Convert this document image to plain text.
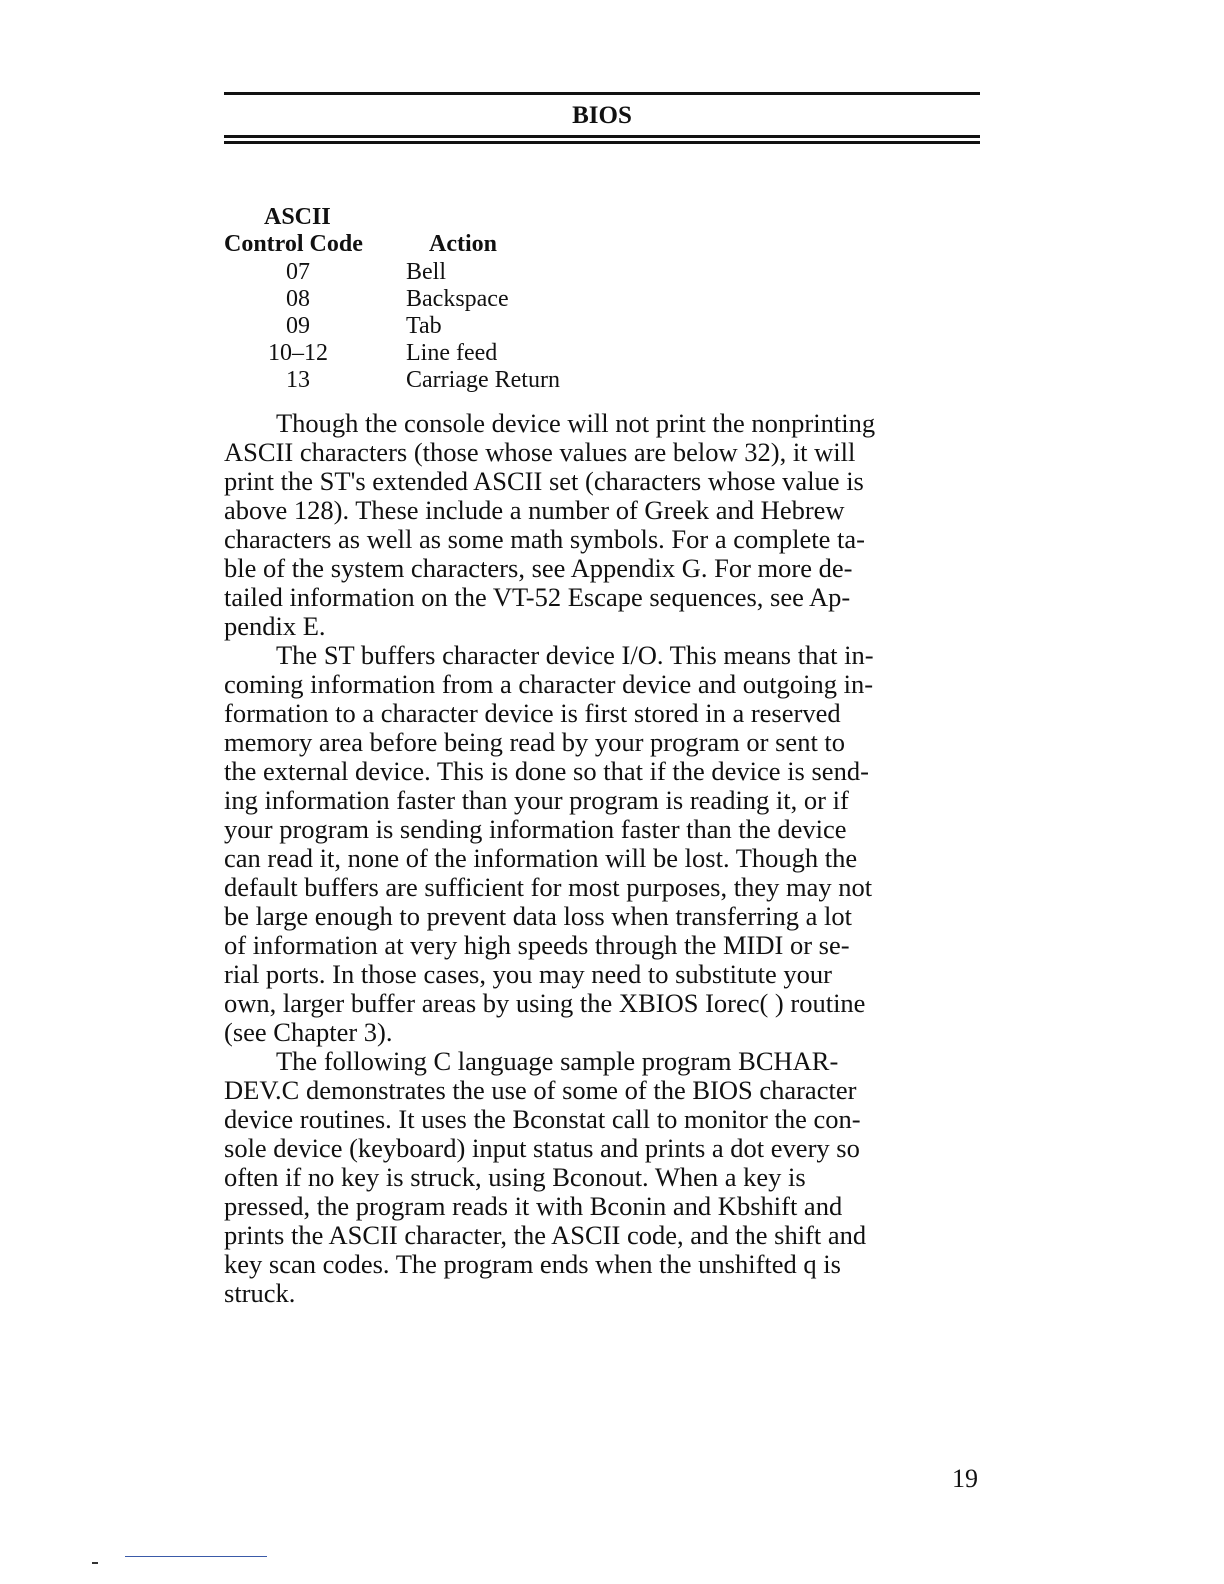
BIOS
ASCII
Control Code	Action
07	Bell
08	Backspace
09	Tab
10–12	Line feed
13	Carriage Return

Though the console device will not print the nonprinting
ASCII characters (those whose values are below 32), it will
print the ST's extended ASCII set (characters whose value is
above 128). These include a number of Greek and Hebrew
characters as well as some math symbols. For a complete ta-
ble of the system characters, see Appendix G. For more de-
tailed information on the VT-52 Escape sequences, see Ap-
pendix E.

The ST buffers character device I/O. This means that in-
coming information from a character device and outgoing in-
formation to a character device is first stored in a reserved
memory area before being read by your program or sent to
the external device. This is done so that if the device is send-
ing information faster than your program is reading it, or if
your program is sending information faster than the device
can read it, none of the information will be lost. Though the
default buffers are sufficient for most purposes, they may not
be large enough to prevent data loss when transferring a lot
of information at very high speeds through the MIDI or se-
rial ports. In those cases, you may need to substitute your
own, larger buffer areas by using the XBIOS Iorec( ) routine
(see Chapter 3).

The following C language sample program BCHAR-
DEV.C demonstrates the use of some of the BIOS character
device routines. It uses the Bconstat call to monitor the con-
sole device (keyboard) input status and prints a dot every so
often if no key is struck, using Bconout. When a key is
pressed, the program reads it with Bconin and Kbshift and
prints the ASCII character, the ASCII code, and the shift and
key scan codes. The program ends when the unshifted q is
struck.

19
